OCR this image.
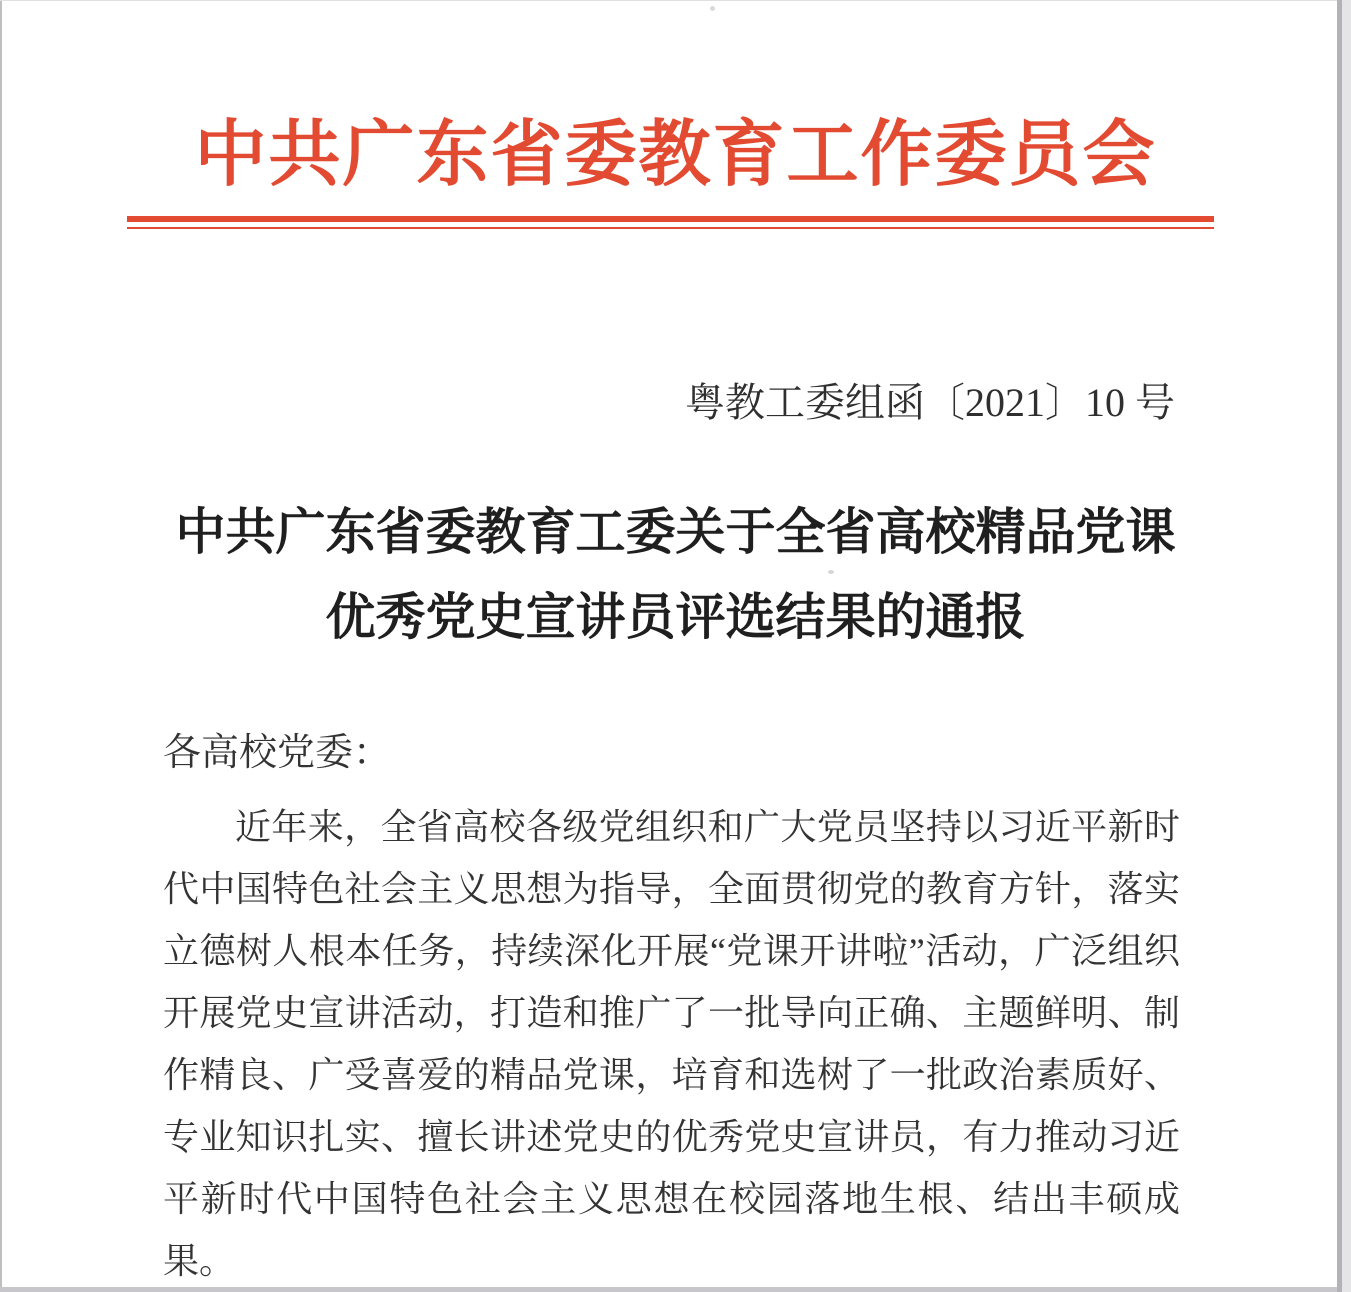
中共广东省委教育工作委员会
粤教工委组函〔2021〕10 号
中共广东省委教育工委关于全省高校精品党课
优秀党史宣讲员评选结果的通报
各高校党委：
近年来，全省高校各级党组织和广大党员坚持以习近平新时
代中国特色社会主义思想为指导，全面贯彻党的教育方针，落实
立德树人根本任务，持续深化开展“党课开讲啦”活动，广泛组织
开展党史宣讲活动，打造和推广了一批导向正确、主题鲜明、制
作精良、广受喜爱的精品党课，培育和选树了一批政治素质好、
专业知识扎实、擅长讲述党史的优秀党史宣讲员，有力推动习近
平新时代中国特色社会主义思想在校园落地生根、结出丰硕成
果。
